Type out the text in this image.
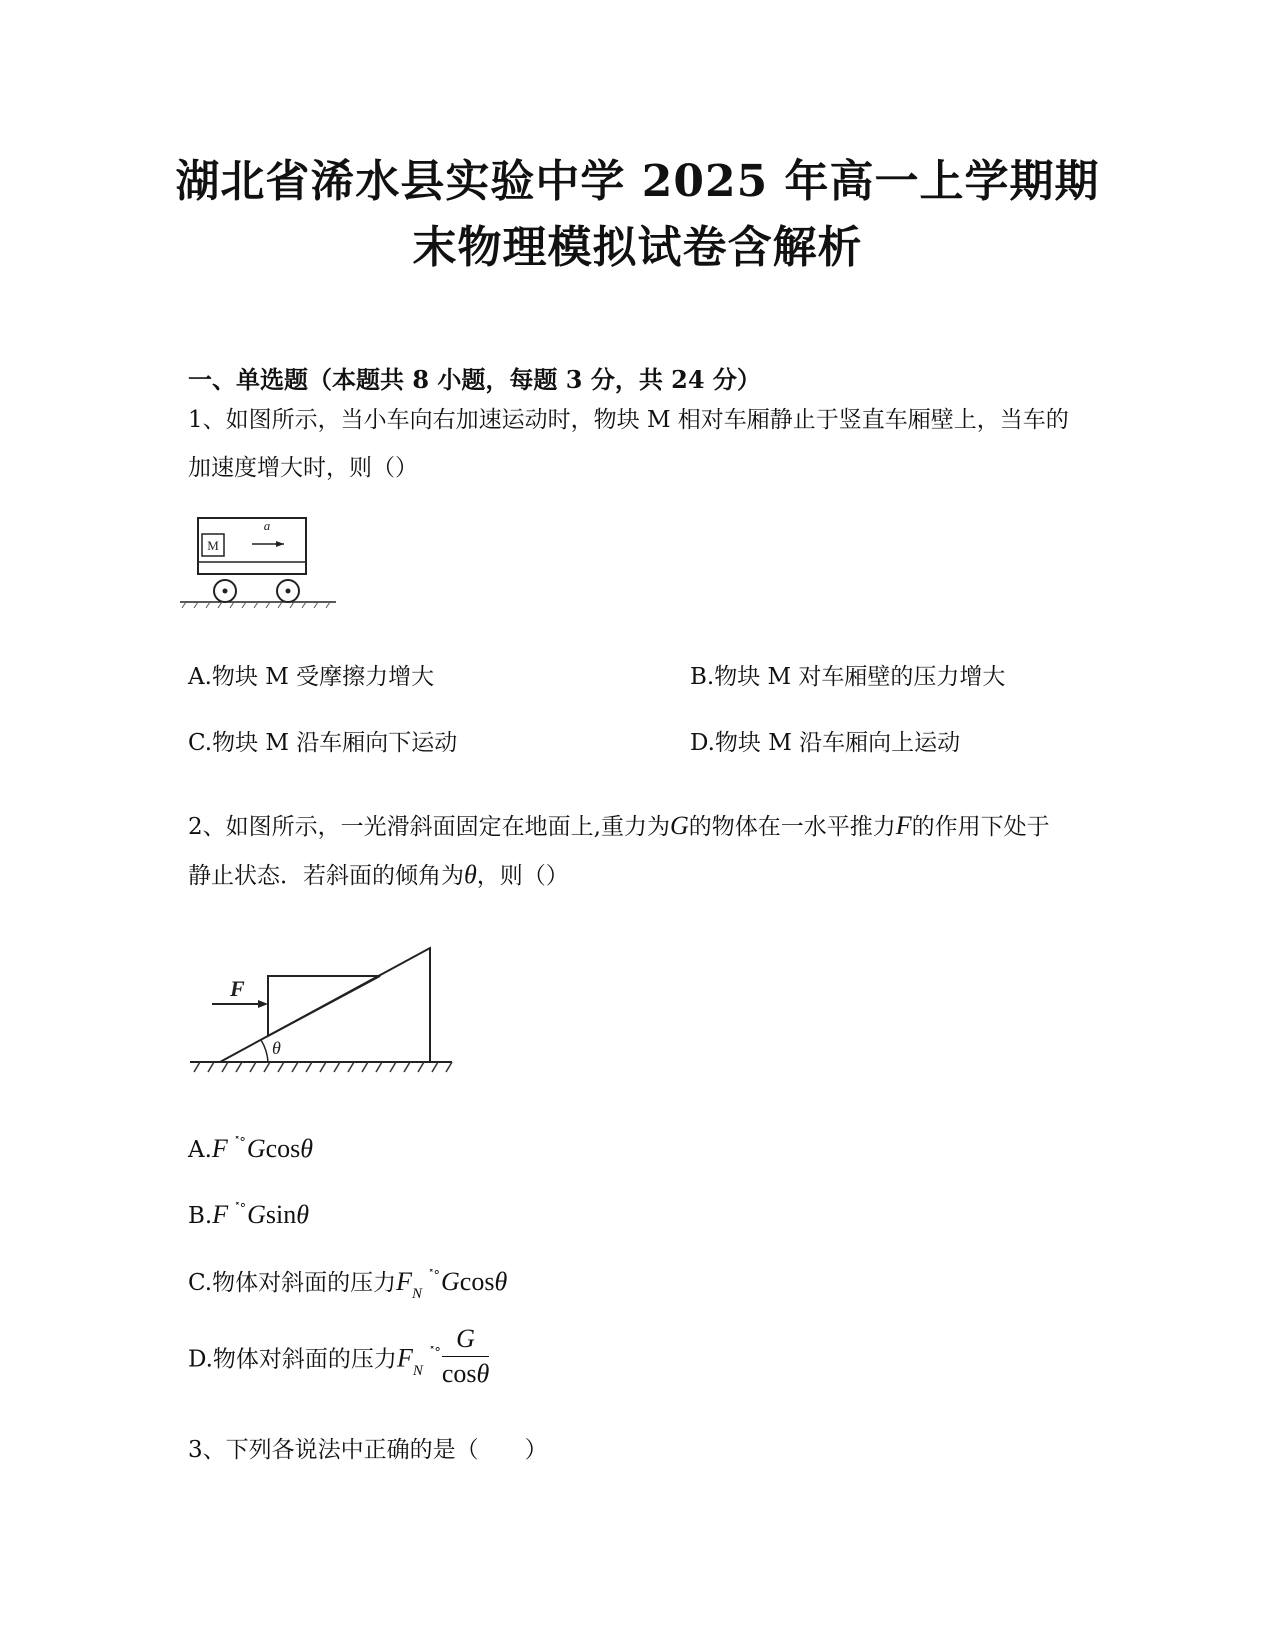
湖北省浠水县实验中学 2025 年高一上学期期
末物理模拟试卷含解析
一、单选题（本题共 8 小题，每题 3 分，共 24 分）
1、如图所示，当小车向右加速运动时，物块 M 相对车厢静止于竖直车厢壁上，当车的加速度增大时，则（）
M
a
A.物块 M 受摩擦力增大	B.物块 M 对车厢壁的压力增大
C.物块 M 沿车厢向下运动	D.物块 M 沿车厢向上运动
2、如图所示，一光滑斜面固定在地面上,重力为G的物体在一水平推力F的作用下处于静止状态．若斜面的倾角为θ，则（）
F
θ
A.F ˟°Gcosθ
B.F ˟°Gsinθ
C.物体对斜面的压力$F_N^{˟^\circ}Gcos\theta$
D.物体对斜面的压力$F_N^{˟^\circ} \frac{G}{\cos\theta}$
3、下列各说法中正确的是（　　）
